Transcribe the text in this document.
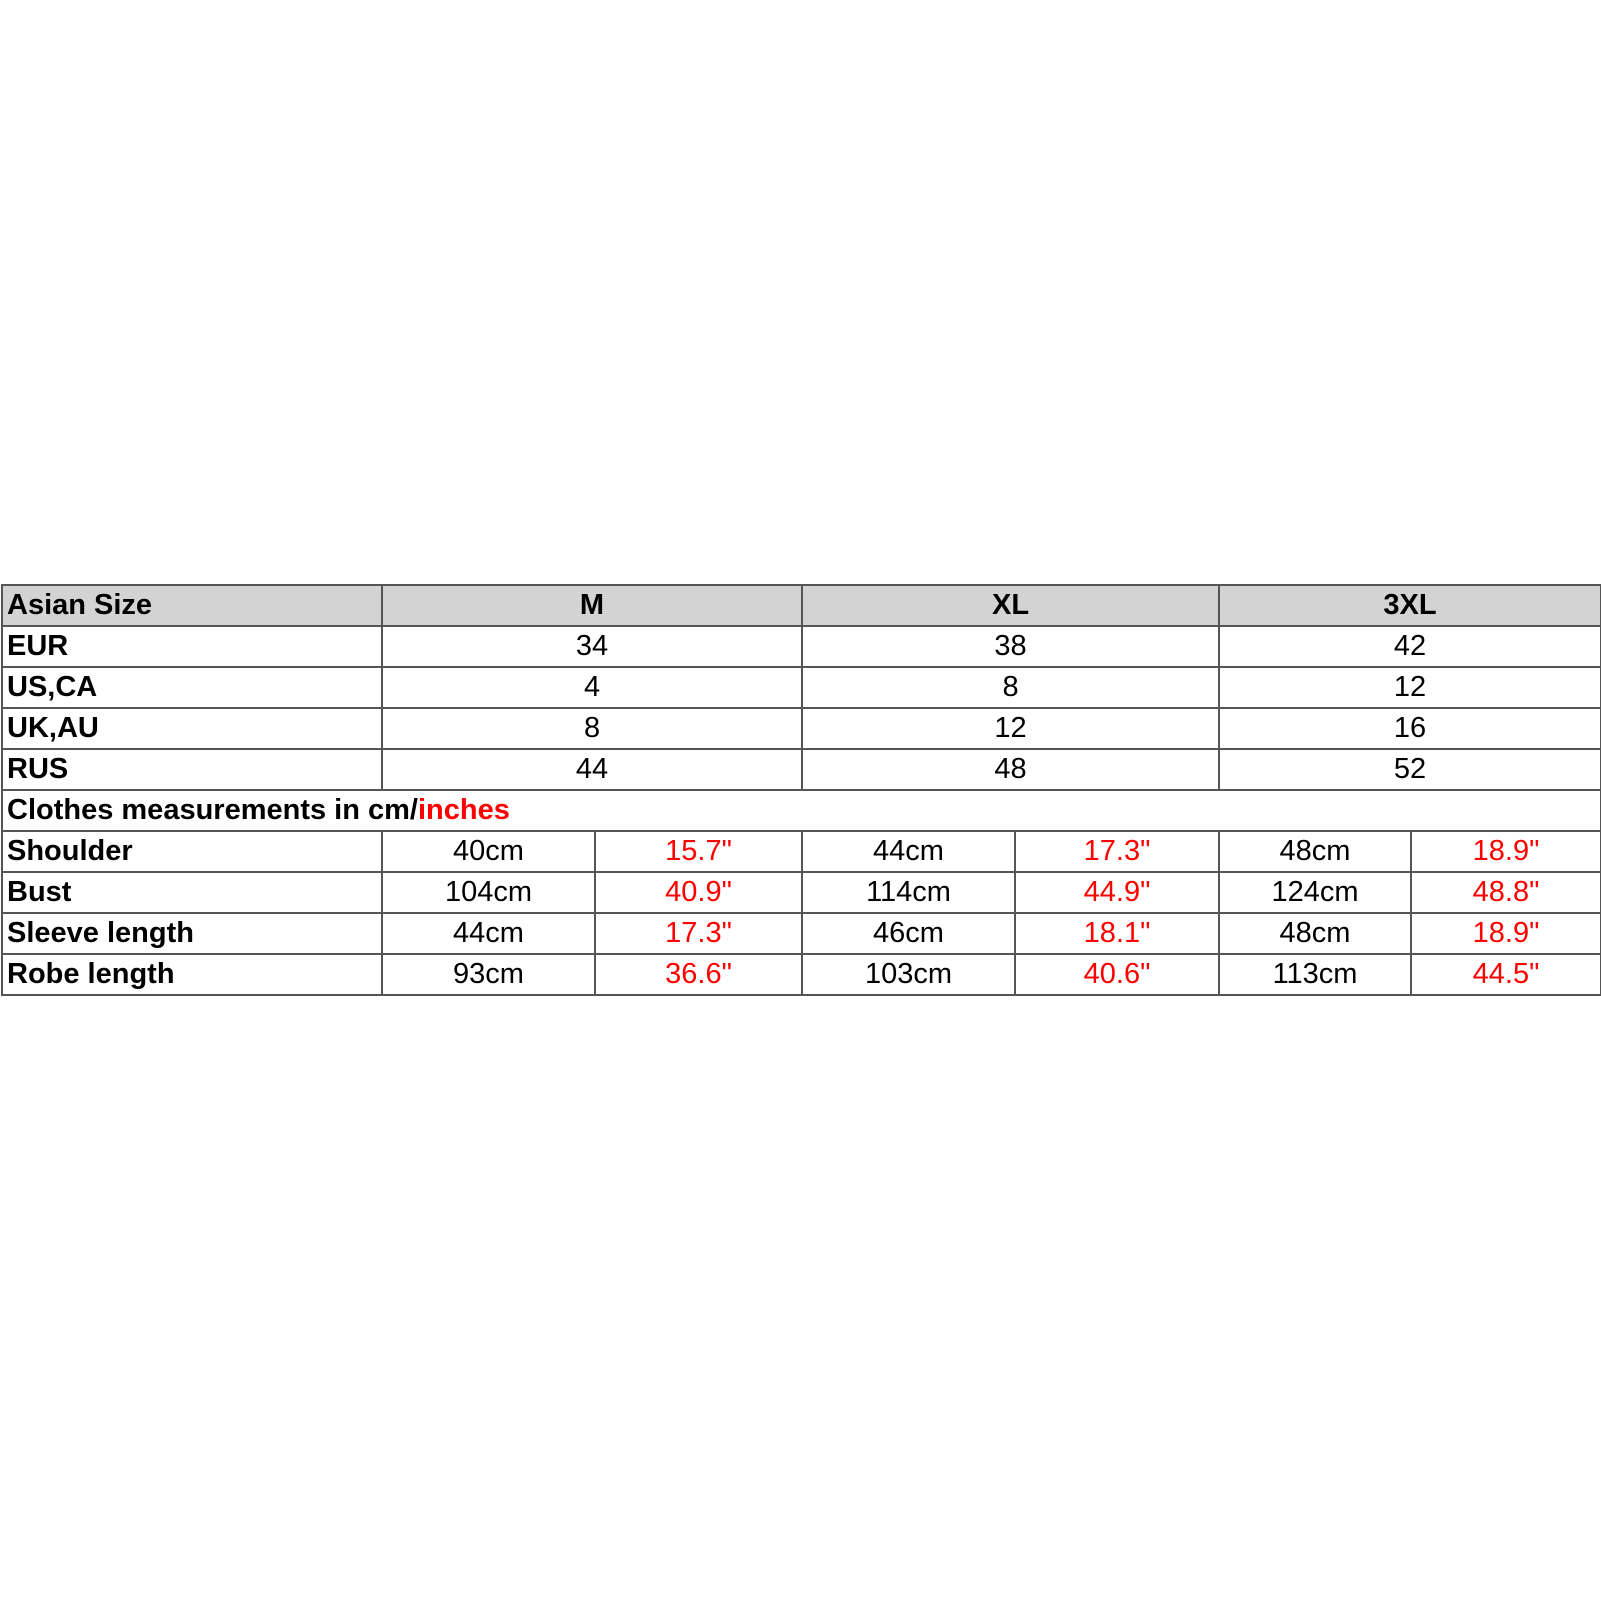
Asian Size	M		XL		3XL	
EUR	34		38		42	
US,CA	4		8		12	
UK,AU	8		12		16	
RUS	44		48		52	
Clothes measurements in cm/inches						
Shoulder	40cm	15.7"	44cm	17.3"	48cm	18.9"
Bust	104cm	40.9"	114cm	44.9"	124cm	48.8"
Sleeve length	44cm	17.3"	46cm	18.1"	48cm	18.9"
Robe length	93cm	36.6"	103cm	40.6"	113cm	44.5"
